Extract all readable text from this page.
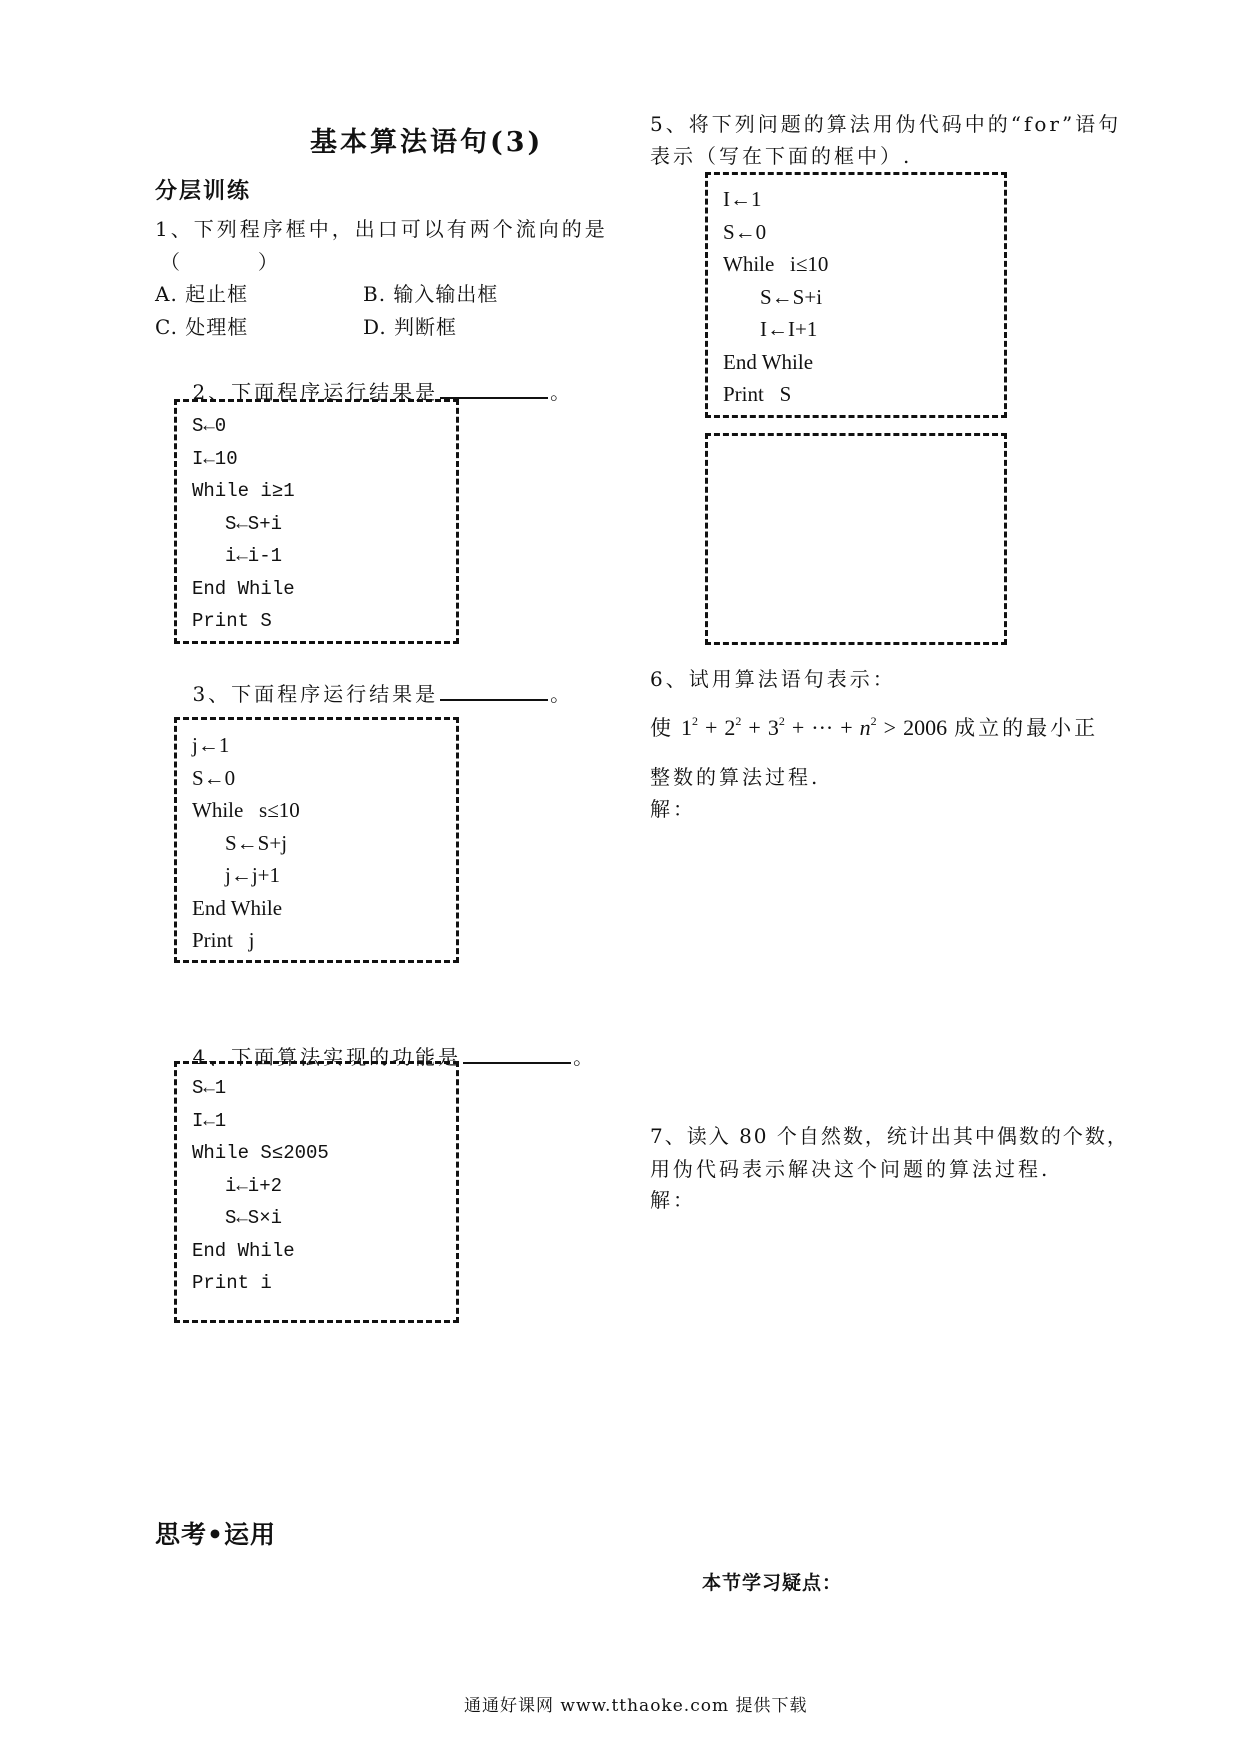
基本算法语句(3)
分层训练
1、下列程序框中，出口可以有两个流向的是
（        ）
A. 起止框	B. 输入输出框
C. 处理框	D. 判断框

2、下面程序运行结果是	。

S←0
I←10
While i≥1
S←S+i
i←i-1
End While
Print S

3、下面程序运行结果是	。

j←1
S←0
While   s≤10
S←S+j
j←j+1
End While
Print   j

4、下面算法实现的功能是	。

S←1
I←1
While S≤2005
i←i+2
S←S×i
End While
Print i
思考•运用
5、将下列问题的算法用伪代码中的“for”语句
表示（写在下面的框中）.
I←1
S←0
While   i≤10
S←S+i
I←I+1
End While
Print   S
6、试用算法语句表示：
使 $1^2 + 2^2 + 3^2$ + ··· + $n^2 > 2006$ 成立的最小正
整数的算法过程.
解：
7、读入 80 个自然数，统计出其中偶数的个数，
用伪代码表示解决这个问题的算法过程.
解：
本节学习疑点：
通通好课网 www.tthaoke.com 提供下载
